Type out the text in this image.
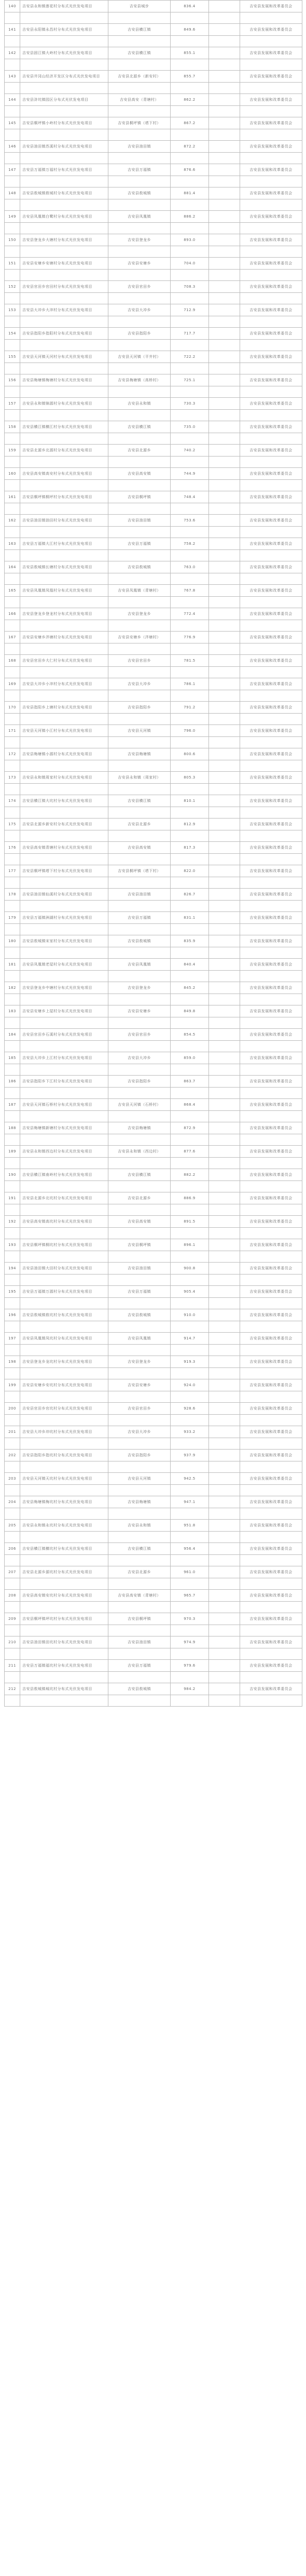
140	吉安县永和镇莲花村分布式光伏发电项目	吉安县城步	836.4		吉安县发展和改革委员会

141	吉安县永阳镇永昌村分布式光伏发电项目	吉安县横江镇	849.6		吉安县发展和改革委员会

142	吉安县固江镇大岭村分布式光伏发电项目	吉安县横江镇	855.1		吉安县发展和改革委员会

143	吉安县井冈山经济开发区分布式光伏发电项目	吉安县北源乡（新安村）	855.7		吉安县发展和改革委员会

144	吉安县浒坑镇园区分布式光伏发电项目	吉安县高安（青塘村）	862.2		吉安县发展和改革委员会

145	吉安县桐坪镇小岭村分布式光伏发电项目	吉安县桐坪镇（塔下村）	867.2		吉安县发展和改革委员会

146	吉安县油田镇苏溪村分布式光伏发电项目	吉安县油田镇	872.2		吉安县发展和改革委员会

147	吉安县万福镇万福村分布式光伏发电项目	吉安县万福镇	876.6		吉安县发展和改革委员会

148	吉安县敖城镇敖城村分布式光伏发电项目	吉安县敖城镇	881.4		吉安县发展和改革委员会

149	吉安县凤凰镇白鹭村分布式光伏发电项目	吉安县凤凰镇	886.2		吉安县发展和改革委员会

150	吉安县登龙乡大塘村分布式光伏发电项目	吉安县登龙乡	893.0		吉安县发展和改革委员会

151	吉安县安塘乡安塘村分布式光伏发电项目	吉安县安塘乡	704.0		吉安县发展和改革委员会

152	吉安县官田乡官田村分布式光伏发电项目	吉安县官田乡	708.3		吉安县发展和改革委员会

153	吉安县大冲乡大冲村分布式光伏发电项目	吉安县大冲乡	712.9		吉安县发展和改革委员会

154	吉安县指阳乡指阳村分布式光伏发电项目	吉安县指阳乡	717.7		吉安县发展和改革委员会

155	吉安县天河镇天河村分布式光伏发电项目	吉安县天河镇（平井村）	722.2		吉安县发展和改革委员会

156	吉安县梅塘镇梅塘村分布式光伏发电项目	吉安县梅塘镇（高桥村）	725.1		吉安县发展和改革委员会

157	吉安县永和镇锦源村分布式光伏发电项目	吉安县永和镇	730.3		吉安县发展和改革委员会

158	吉安县横江镇横江村分布式光伏发电项目	吉安县横江镇	735.0		吉安县发展和改革委员会

159	吉安县北源乡北源村分布式光伏发电项目	吉安县北源乡	740.2		吉安县发展和改革委员会

160	吉安县高安镇高安村分布式光伏发电项目	吉安县高安镇	744.9		吉安县发展和改革委员会

161	吉安县桐坪镇桐坪村分布式光伏发电项目	吉安县桐坪镇	748.4		吉安县发展和改革委员会

162	吉安县油田镇油田村分布式光伏发电项目	吉安县油田镇	753.6		吉安县发展和改革委员会

163	吉安县万福镇大江村分布式光伏发电项目	吉安县万福镇	758.2		吉安县发展和改革委员会

164	吉安县敖城镇长塘村分布式光伏发电项目	吉安县敖城镇	763.0		吉安县发展和改革委员会

165	吉安县凤凰镇凤凰村分布式光伏发电项目	吉安县凤凰镇（青塘村）	767.8		吉安县发展和改革委员会

166	吉安县登龙乡登龙村分布式光伏发电项目	吉安县登龙乡	772.4		吉安县发展和改革委员会

167	吉安县安塘乡泮塘村分布式光伏发电项目	吉安县安塘乡（泮塘村）	776.9		吉安县发展和改革委员会

168	吉安县官田乡大仁村分布式光伏发电项目	吉安县官田乡	781.5		吉安县发展和改革委员会

169	吉安县大冲乡小冲村分布式光伏发电项目	吉安县大冲乡	786.1		吉安县发展和改革委员会

170	吉安县指阳乡上塘村分布式光伏发电项目	吉安县指阳乡	791.2		吉安县发展和改革委员会

171	吉安县天河镇小江村分布式光伏发电项目	吉安县天河镇	796.0		吉安县发展和改革委员会

172	吉安县梅塘镇小源村分布式光伏发电项目	吉安县梅塘镇	800.6		吉安县发展和改革委员会

173	吉安县永和镇周家村分布式光伏发电项目	吉安县永和镇（周家村）	805.3		吉安县发展和改革委员会

174	吉安县横江镇大坑村分布式光伏发电项目	吉安县横江镇	810.1		吉安县发展和改革委员会

175	吉安县北源乡新安村分布式光伏发电项目	吉安县北源乡	812.9		吉安县发展和改革委员会

176	吉安县高安镇青塘村分布式光伏发电项目	吉安县高安镇	817.3		吉安县发展和改革委员会

177	吉安县桐坪镇塔下村分布式光伏发电项目	吉安县桐坪镇（塔下村）	822.0		吉安县发展和改革委员会

178	吉安县油田镇仙溪村分布式光伏发电项目	吉安县油田镇	826.7		吉安县发展和改革委员会

179	吉安县万福镇洲湖村分布式光伏发电项目	吉安县万福镇	831.1		吉安县发展和改革委员会

180	吉安县敖城镇宋家村分布式光伏发电项目	吉安县敖城镇	835.9		吉安县发展和改革委员会

181	吉安县凤凰镇老屋村分布式光伏发电项目	吉安县凤凰镇	840.4		吉安县发展和改革委员会

182	吉安县登龙乡中塘村分布式光伏发电项目	吉安县登龙乡	845.2		吉安县发展和改革委员会

183	吉安县安塘乡上屋村分布式光伏发电项目	吉安县安塘乡	849.8		吉安县发展和改革委员会

184	吉安县官田乡石溪村分布式光伏发电项目	吉安县官田乡	854.5		吉安县发展和改革委员会

185	吉安县大冲乡上江村分布式光伏发电项目	吉安县大冲乡	859.0		吉安县发展和改革委员会

186	吉安县指阳乡下江村分布式光伏发电项目	吉安县指阳乡	863.7		吉安县发展和改革委员会

187	吉安县天河镇石桥村分布式光伏发电项目	吉安县天河镇（石桥村）	868.4		吉安县发展和改革委员会

188	吉安县梅塘镇新塘村分布式光伏发电项目	吉安县梅塘镇	872.9		吉安县发展和改革委员会

189	吉安县永和镇西边村分布式光伏发电项目	吉安县永和镇（西边村）	877.6		吉安县发展和改革委员会

190	吉安县横江镇南岭村分布式光伏发电项目	吉安县横江镇	882.2		吉安县发展和改革委员会

191	吉安县北源乡北坑村分布式光伏发电项目	吉安县北源乡	886.9		吉安县发展和改革委员会

192	吉安县高安镇高坑村分布式光伏发电项目	吉安县高安镇	891.5		吉安县发展和改革委员会

193	吉安县桐坪镇桐坑村分布式光伏发电项目	吉安县桐坪镇	896.1		吉安县发展和改革委员会

194	吉安县油田镇大田村分布式光伏发电项目	吉安县油田镇	900.8		吉安县发展和改革委员会

195	吉安县万福镇万源村分布式光伏发电项目	吉安县万福镇	905.4		吉安县发展和改革委员会

196	吉安县敖城镇敖坑村分布式光伏发电项目	吉安县敖城镇	910.0		吉安县发展和改革委员会

197	吉安县凤凰镇凤坑村分布式光伏发电项目	吉安县凤凰镇	914.7		吉安县发展和改革委员会

198	吉安县登龙乡龙坑村分布式光伏发电项目	吉安县登龙乡	919.3		吉安县发展和改革委员会

199	吉安县安塘乡安坑村分布式光伏发电项目	吉安县安塘乡	924.0		吉安县发展和改革委员会

200	吉安县官田乡官坑村分布式光伏发电项目	吉安县官田乡	928.6		吉安县发展和改革委员会

201	吉安县大冲乡冲坑村分布式光伏发电项目	吉安县大冲乡	933.2		吉安县发展和改革委员会

202	吉安县指阳乡指坑村分布式光伏发电项目	吉安县指阳乡	937.9		吉安县发展和改革委员会

203	吉安县天河镇天坑村分布式光伏发电项目	吉安县天河镇	942.5		吉安县发展和改革委员会

204	吉安县梅塘镇梅坑村分布式光伏发电项目	吉安县梅塘镇	947.1		吉安县发展和改革委员会

205	吉安县永和镇永坑村分布式光伏发电项目	吉安县永和镇	951.8		吉安县发展和改革委员会

206	吉安县横江镇横坑村分布式光伏发电项目	吉安县横江镇	956.4		吉安县发展和改革委员会

207	吉安县北源乡源坑村分布式光伏发电项目	吉安县北源乡	961.0		吉安县发展和改革委员会

208	吉安县高安镇安坑村分布式光伏发电项目	吉安县高安镇（青塘村）	965.7		吉安县发展和改革委员会

209	吉安县桐坪镇坪坑村分布式光伏发电项目	吉安县桐坪镇	970.3		吉安县发展和改革委员会

210	吉安县油田镇田坑村分布式光伏发电项目	吉安县油田镇	974.9		吉安县发展和改革委员会

211	吉安县万福镇福坑村分布式光伏发电项目	吉安县万福镇	979.6		吉安县发展和改革委员会

212	吉安县敖城镇城坑村分布式光伏发电项目	吉安县敖城镇	984.2		吉安县发展和改革委员会
